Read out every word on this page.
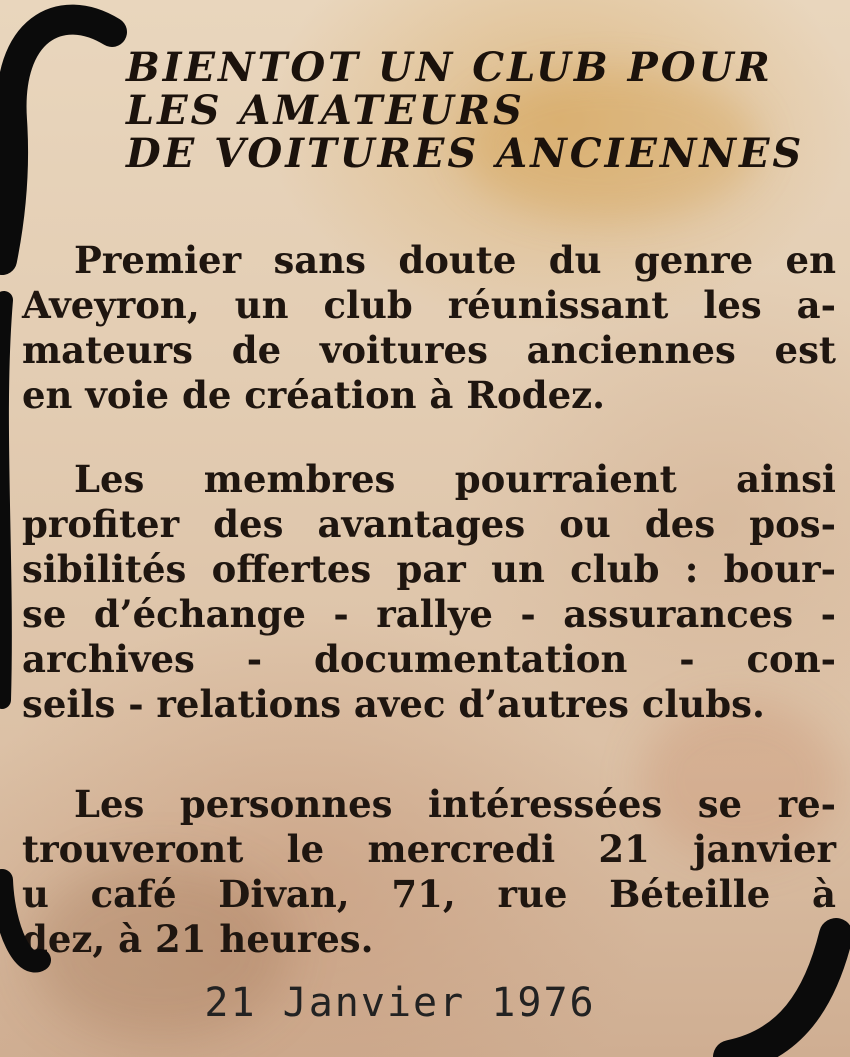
BIENTOT UN CLUB POUR
LES AMATEURS
DE VOITURES ANCIENNES
Premier sans doute du genre en
Aveyron, un club réunissant les a-
mateurs de voitures anciennes est
en voie de création à Rodez.
Les membres pourraient ainsi
profiter des avantages ou des pos-
sibilités offertes par un club : bour-
se d’échange - rallye - assurances -
archives - documentation - con-
seils - relations avec d’autres clubs.
Les personnes intéressées se re-
trouveront le mercredi 21 janvier
u café Divan, 71, rue Béteille à
dez, à 21 heures.
21 Janvier 1976
